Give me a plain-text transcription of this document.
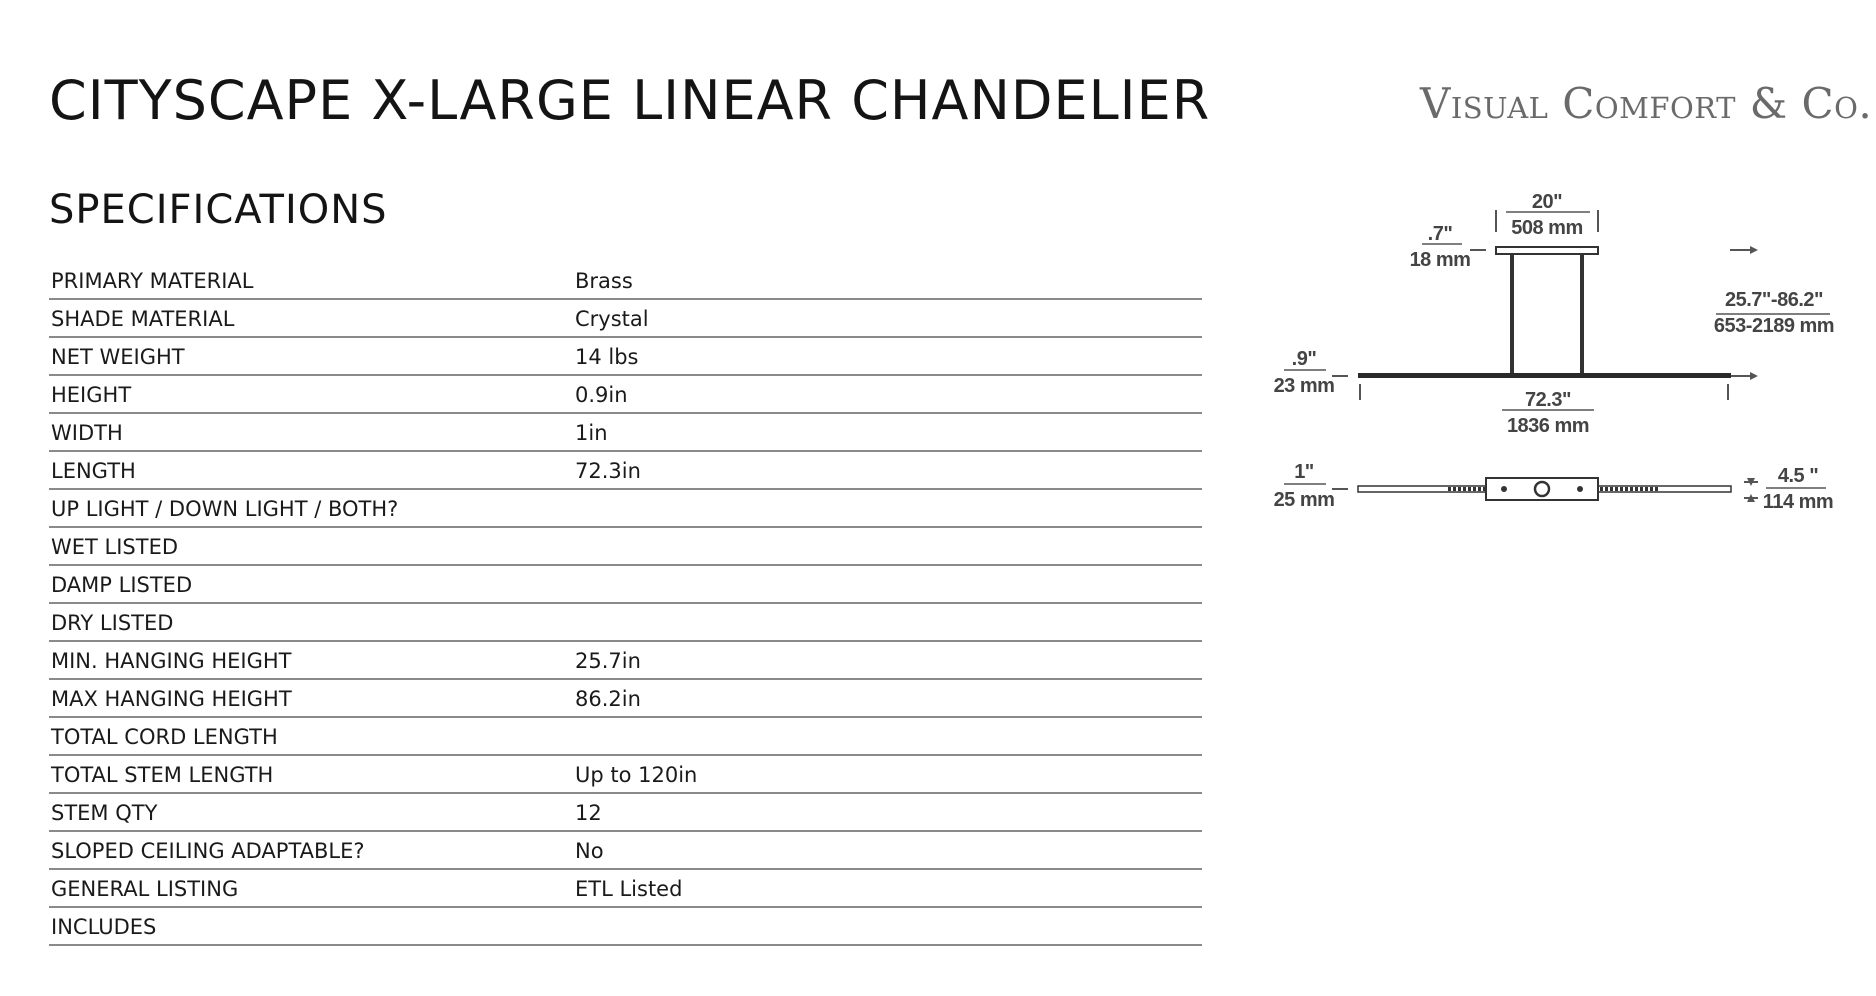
CITYSCAPE X-LARGE LINEAR CHANDELIER	Visual Comfort & Co.
SPECIFICATIONS
PRIMARY MATERIAL	Brass
SHADE MATERIAL	Crystal
NET WEIGHT	14 lbs
HEIGHT	0.9in
WIDTH	1in
LENGTH	72.3in
UP LIGHT / DOWN LIGHT / BOTH?
WET LISTED
DAMP LISTED
DRY LISTED
MIN. HANGING HEIGHT	25.7in
MAX HANGING HEIGHT	86.2in
TOTAL CORD LENGTH
TOTAL STEM LENGTH	Up to 120in
STEM QTY	12
SLOPED CEILING ADAPTABLE?	No
GENERAL LISTING	ETL Listed
INCLUDES
20"
508 mm
.7"
18 mm
25.7"-86.2"
653-2189 mm
.9"
23 mm
72.3"
1836 mm
1"
25 mm
4.5 "
114 mm
